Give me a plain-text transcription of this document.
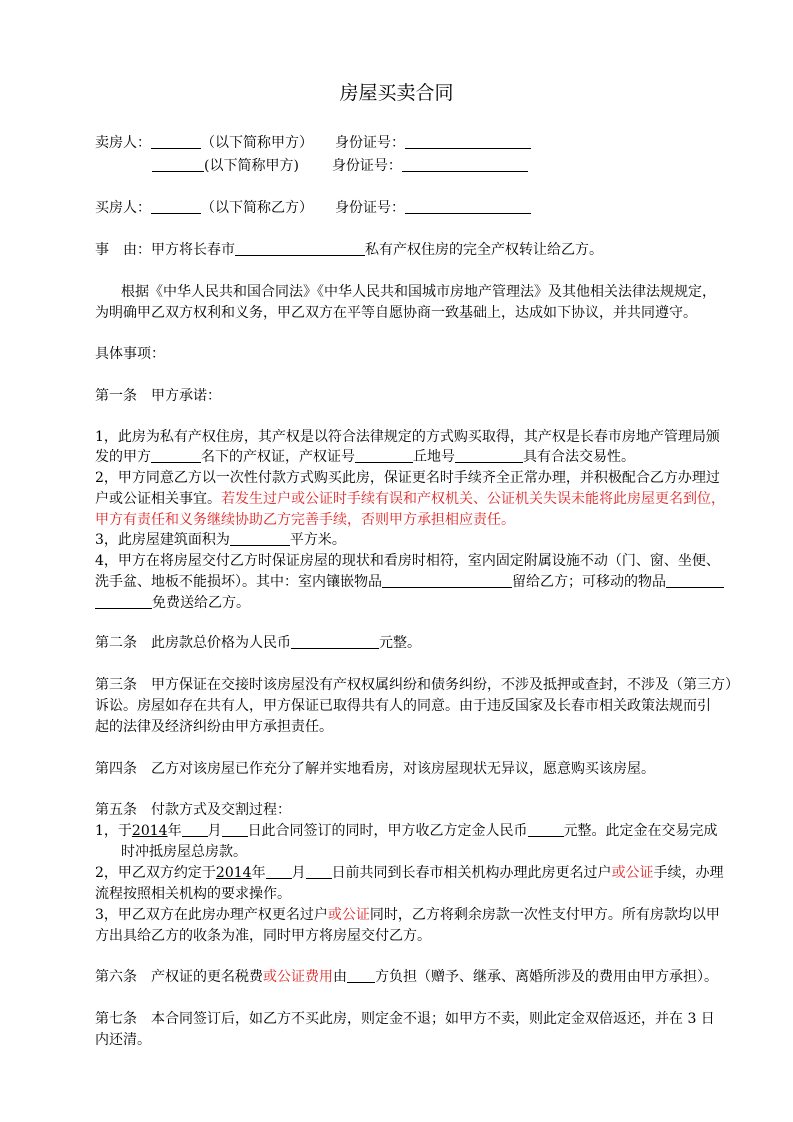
房屋买卖合同
卖房人：	（以下简称甲方） 身份证号：
(以下简称甲方) 身份证号：
买房人：	（以下简称乙方） 身份证号：
事　由：甲方将长春市	私有产权住房的完全产权转让给乙方。
根据《中华人民共和国合同法》《中华人民共和国城市房地产管理法》及其他相关法律法规规定，
为明确甲乙双方权利和义务，甲乙双方在平等自愿协商一致基础上，达成如下协议，并共同遵守。
具体事项：
第一条　甲方承诺：
1，此房为私有产权住房，其产权是以符合法律规定的方式购买取得，其产权是长春市房地产管理局颁
发的甲方	名下的产权证，产权证号	丘地号	具有合法交易性。
2，甲方同意乙方以一次性付款方式购买此房，保证更名时手续齐全正常办理，并积极配合乙方办理过
户或公证相关事宜。若发生过户或公证时手续有误和产权机关、公证机关失误未能将此房屋更名到位，
甲方有责任和义务继续协助乙方完善手续，否则甲方承担相应责任。
3，此房屋建筑面积为	平方米。
4，甲方在将房屋交付乙方时保证房屋的现状和看房时相符，室内固定附属设施不动（门、窗、坐便、
洗手盆、地板不能损坏）。其中：室内镶嵌物品	留给乙方；可移动的物品
免费送给乙方。
第二条　此房款总价格为人民币	元整。
第三条　甲方保证在交接时该房屋没有产权权属纠纷和债务纠纷，不涉及抵押或查封，不涉及（第三方）
诉讼。房屋如存在共有人，甲方保证已取得共有人的同意。由于违反国家及长春市相关政策法规而引
起的法律及经济纠纷由甲方承担责任。
第四条　乙方对该房屋已作充分了解并实地看房，对该房屋现状无异议，愿意购买该房屋。
第五条　付款方式及交割过程：
1，于2014年 月 日此合同签订的同时，甲方收乙方定金人民币	元整。此定金在交易完成
时冲抵房屋总房款。
2，甲乙双方约定于2014年 月 日前共同到长春市相关机构办理此房更名过户或公证手续，办理
流程按照相关机构的要求操作。
3，甲乙双方在此房办理产权更名过户或公证同时，乙方将剩余房款一次性支付甲方。所有房款均以甲
方出具给乙方的收条为准，同时甲方将房屋交付乙方。
第六条　产权证的更名税费或公证费用由 方负担（赠予、继承、离婚所涉及的费用由甲方承担）。
第七条　本合同签订后，如乙方不买此房，则定金不退；如甲方不卖，则此定金双倍返还，并在 3 日
内还清。
